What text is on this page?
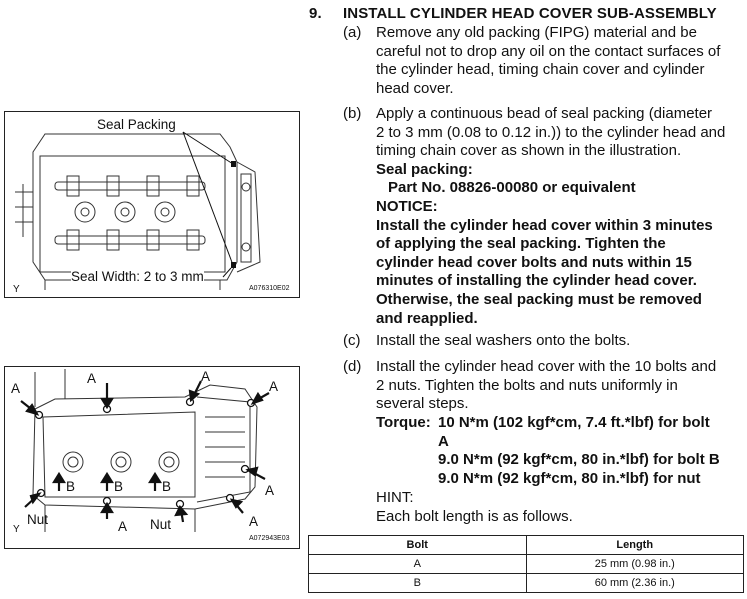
Seal Packing
Seal Width: 2 to 3 mm
Y	A076310E02
A
A	A
A
A
A
A
B	B	B
Nut	Nut
Y
A072943E03
9. INSTALL CYLINDER HEAD COVER SUB-ASSEMBLY
(a) Remove any old packing (FIPG) material and be
careful not to drop any oil on the contact surfaces of
the cylinder head, timing chain cover and cylinder
head cover.
(b) Apply a continuous bead of seal packing (diameter
2 to 3 mm (0.08 to 0.12 in.)) to the cylinder head and
timing chain cover as shown in the illustration.
Seal packing:
Part No. 08826-00080 or equivalent
NOTICE:
Install the cylinder head cover within 3 minutes
of applying the seal packing. Tighten the
cylinder head cover bolts and nuts within 15
minutes of installing the cylinder head cover.
Otherwise, the seal packing must be removed
and reapplied.
(c) Install the seal washers onto the bolts.
(d) Install the cylinder head cover with the 10 bolts and
2 nuts. Tighten the bolts and nuts uniformly in
several steps.
Torque: 10 N*m (102 kgf*cm, 7.4 ft.*lbf) for bolt
A
9.0 N*m (92 kgf*cm, 80 in.*lbf) for bolt B
9.0 N*m (92 kgf*cm, 80 in.*lbf) for nut
HINT:
Each bolt length is as follows.
Bolt	Length
A	25 mm (0.98 in.)
B	60 mm (2.36 in.)
